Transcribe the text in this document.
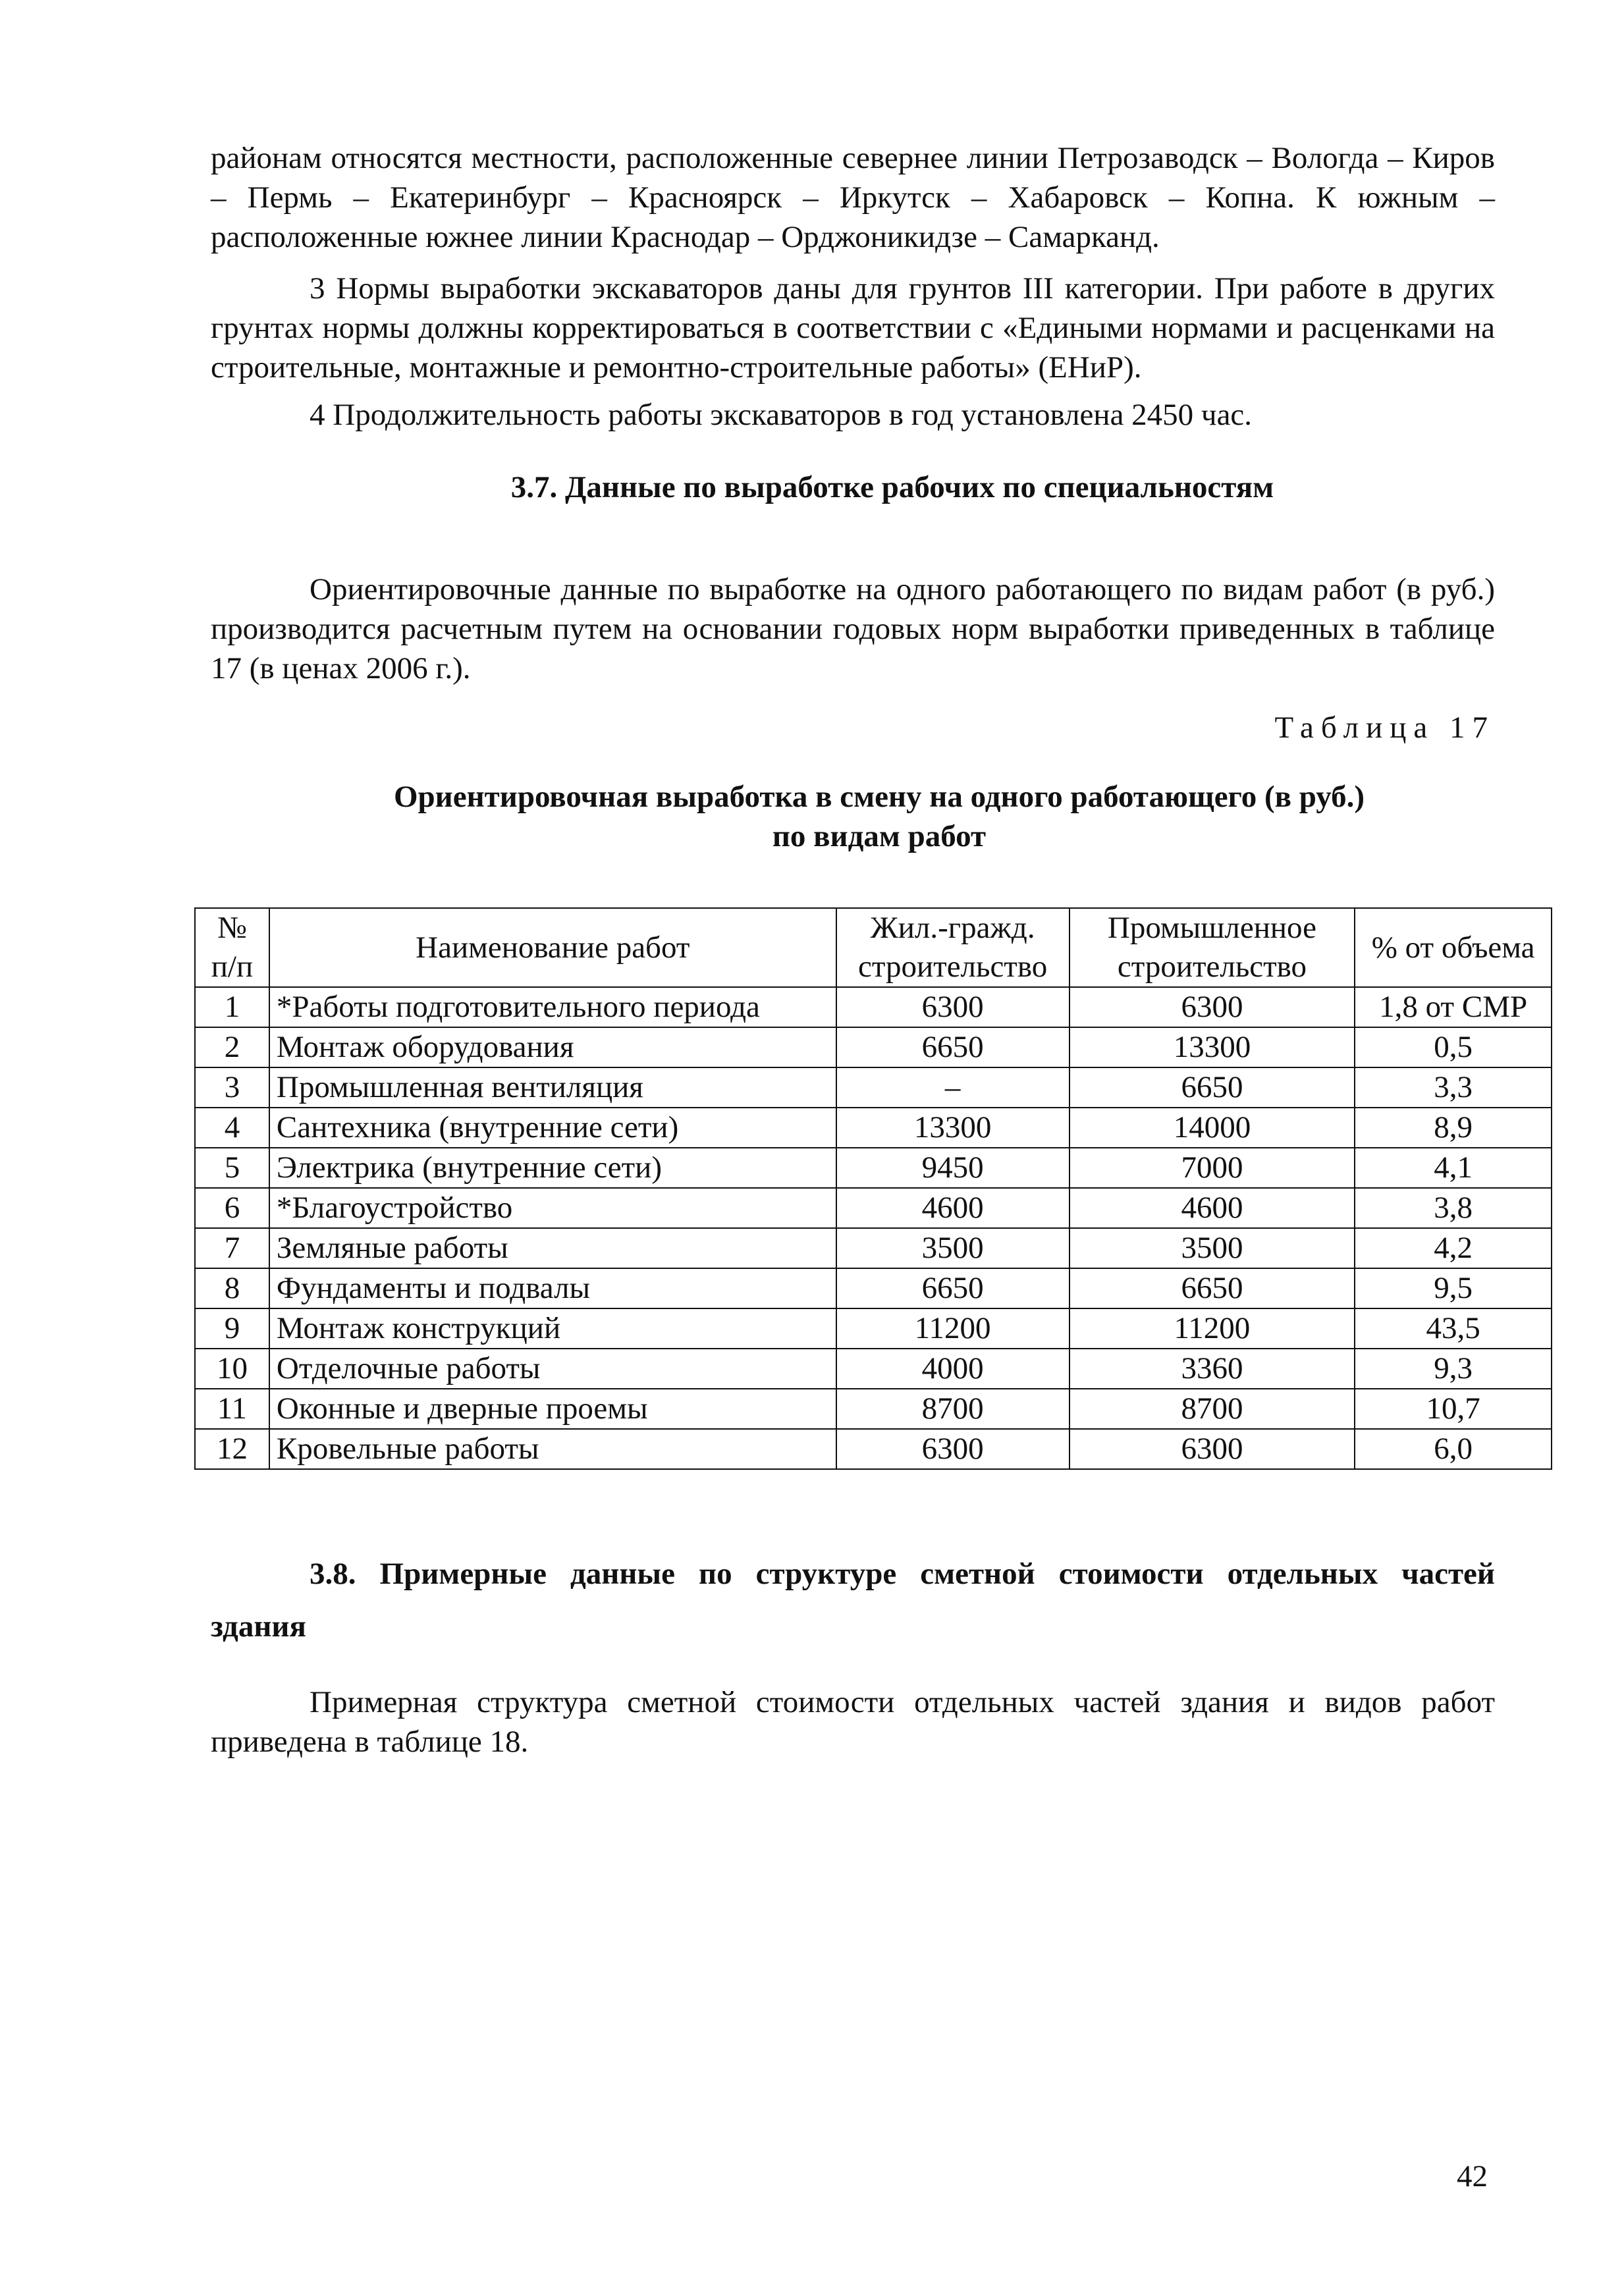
районам относятся местности, расположенные севернее линии Петрозаводск – Вологда – Киров – Пермь – Екатеринбург – Красноярск – Иркутск – Хабаровск – Копна. К южным – расположенные южнее линии Краснодар – Орджоникидзе – Самарканд.

3 Нормы выработки экскаваторов даны для грунтов III категории. При работе в других грунтах нормы должны корректироваться в соответствии с «Едиными нормами и расценками на строительные, монтажные и ремонтно-строительные работы» (ЕНиР).

4 Продолжительность работы экскаваторов в год установлена 2450 час.

3.7. Данные по выработке рабочих по специальностям

Ориентировочные данные по выработке на одного работающего по видам работ (в руб.) производится расчетным путем на основании годовых норм выработки приведенных в таблице 17 (в ценах 2006 г.).

Таблица 17

Ориентировочная выработка в смену на одного работающего (в руб.)

по видам работ

№ п/п	Наименование работ	Жил.-гражд. строительство	Промышленное строительство	% от объема
1	*Работы подготовительного периода	6300	6300	1,8 от СМР
2	Монтаж оборудования	6650	13300	0,5
3	Промышленная вентиляция	–	6650	3,3
4	Сантехника (внутренние сети)	13300	14000	8,9
5	Электрика (внутренние сети)	9450	7000	4,1
6	*Благоустройство	4600	4600	3,8
7	Земляные работы	3500	3500	4,2
8	Фундаменты и подвалы	6650	6650	9,5
9	Монтаж конструкций	11200	11200	43,5
10	Отделочные работы	4000	3360	9,3
11	Оконные и дверные проемы	8700	8700	10,7
12	Кровельные работы	6300	6300	6,0

3.8. Примерные данные по структуре сметной стоимости отдельных частей
здания

Примерная структура сметной стоимости отдельных частей здания и видов работ приведена в таблице 18.

42
